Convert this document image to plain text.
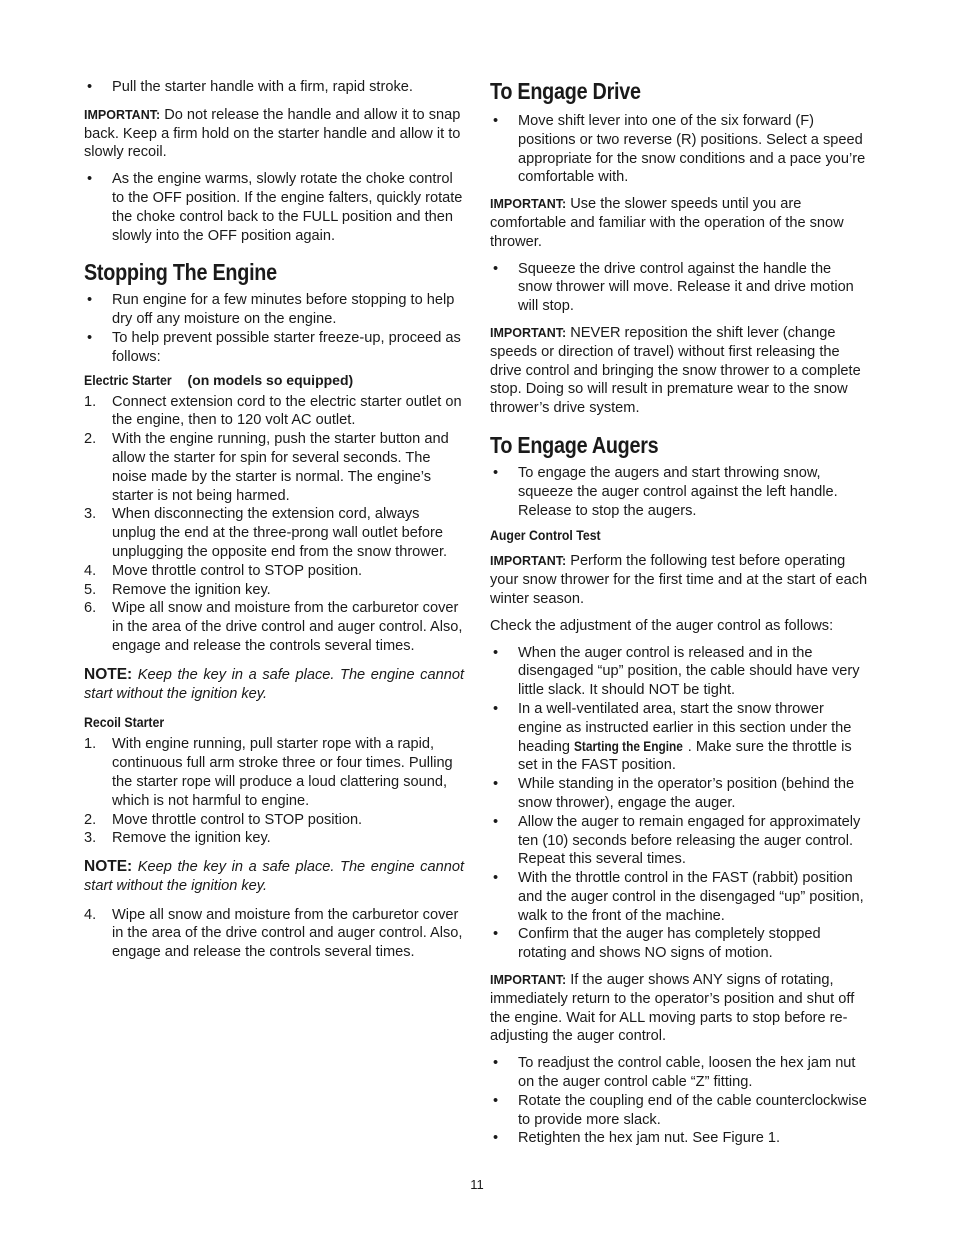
•	Pull the starter handle with a firm, rapid stroke.

IMPORTANT: Do not release the handle and allow it to snap back. Keep a firm hold on the starter handle and allow it to slowly recoil.

•	As the engine warms, slowly rotate the choke control to the OFF position. If the engine falters, quickly rotate the choke control back to the FULL position and then slowly into the OFF position again.
Stopping The Engine
•	Run engine for a few minutes before stopping to help dry off any moisture on the engine.
•	To help prevent possible starter freeze-up, proceed as follows:
Electric Starter (on models so equipped)
1.	Connect extension cord to the electric starter outlet on the engine, then to 120 volt AC outlet.
2.	With the engine running, push the starter button and allow the starter for spin for several seconds. The noise made by the starter is normal. The engine’s starter is not being harmed.
3.	When disconnecting the extension cord, always unplug the end at the three-prong wall outlet before unplugging the opposite end from the snow thrower.
4.	Move throttle control to STOP position.
5.	Remove the ignition key.
6.	Wipe all snow and moisture from the carburetor cover in the area of the drive control and auger control. Also, engage and release the controls several times.

NOTE: Keep the key in a safe place. The engine cannot start without the ignition key.

Recoil Starter
1.	With engine running, pull starter rope with a rapid, continuous full arm stroke three or four times. Pulling the starter rope will produce a loud clattering sound, which is not harmful to engine.
2.	Move throttle control to STOP position.
3.	Remove the ignition key.

NOTE: Keep the key in a safe place. The engine cannot start without the ignition key.

4.	Wipe all snow and moisture from the carburetor cover in the area of the drive control and auger control. Also, engage and release the controls several times.
To Engage Drive
•	Move shift lever into one of the six forward (F) positions or two reverse (R) positions. Select a speed appropriate for the snow conditions and a pace you’re comfortable with.

IMPORTANT: Use the slower speeds until you are comfortable and familiar with the operation of the snow thrower.

•	Squeeze the drive control against the handle the snow thrower will move. Release it and drive motion will stop.

IMPORTANT: NEVER reposition the shift lever (change speeds or direction of travel) without first releasing the drive control and bringing the snow thrower to a complete stop. Doing so will result in premature wear to the snow thrower’s drive system.

To Engage Augers
•	To engage the augers and start throwing snow, squeeze the auger control against the left handle. Release to stop the augers.
Auger Control Test

IMPORTANT: Perform the following test before operating your snow thrower for the first time and at the start of each winter season.

Check the adjustment of the auger control as follows:

•	When the auger control is released and in the disengaged “up” position, the cable should have very little slack. It should NOT be tight.
•	In a well-ventilated area, start the snow thrower engine as instructed earlier in this section under the heading Starting the Engine . Make sure the throttle is set in the FAST position.
•	While standing in the operator’s position (behind the snow thrower), engage the auger.
•	Allow the auger to remain engaged for approximately ten (10) seconds before releasing the auger control. Repeat this several times.
•	With the throttle control in the FAST (rabbit) position and the auger control in the disengaged “up” position, walk to the front of the machine.
•	Confirm that the auger has completely stopped rotating and shows NO signs of motion.

IMPORTANT: If the auger shows ANY signs of rotating, immediately return to the operator’s position and shut off the engine. Wait for ALL moving parts to stop before re-adjusting the auger control.

•	To readjust the control cable, loosen the hex jam nut on the auger control cable “Z” fitting.
•	Rotate the coupling end of the cable counterclockwise to provide more slack.
•	Retighten the hex jam nut. See Figure 1.
11
